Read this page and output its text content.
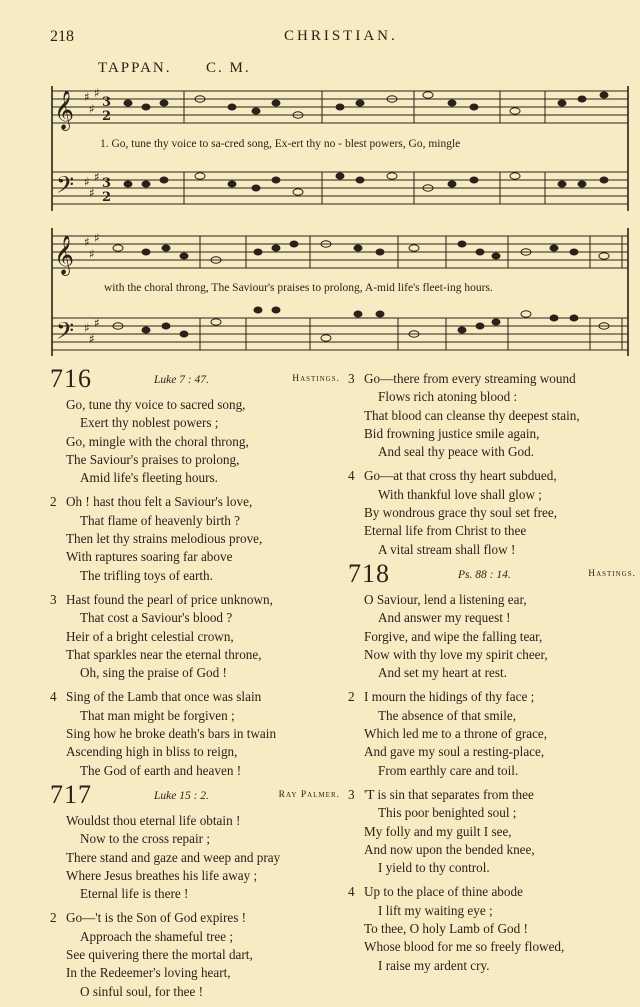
218	CHRISTIAN.
TAPPAN. C. M.
𝄞
𝄢
♯
♯
♯
♯
♯
♯
3
2
3
2
𝄞
𝄢
♯
♯
♯
♯
♯
♯
1. Go, tune thy voice to sa-cred song, Ex-ert thy no - blest powers, Go, mingle
with the choral throng, The Saviour's praises to prolong, A-mid life's fleet-ing hours.
716	Luke 7 : 47.	Hastings.
Go, tune thy voice to sacred song,
Exert thy noblest powers ;
Go, mingle with the choral throng,
The Saviour's praises to prolong,
Amid life's fleeting hours.
2 Oh ! hast thou felt a Saviour's love,
That flame of heavenly birth ?
Then let thy strains melodious prove,
With raptures soaring far above
The trifling toys of earth.
3 Hast found the pearl of price unknown,
That cost a Saviour's blood ?
Heir of a bright celestial crown,
That sparkles near the eternal throne,
Oh, sing the praise of God !
4 Sing of the Lamb that once was slain
That man might be forgiven ;
Sing how he broke death's bars in twain
Ascending high in bliss to reign,
The God of earth and heaven !
717	Luke 15 : 2.	Ray Palmer.
Wouldst thou eternal life obtain !
Now to the cross repair ;
There stand and gaze and weep and pray
Where Jesus breathes his life away ;
Eternal life is there !
2 Go—'t is the Son of God expires !
Approach the shameful tree ;
See quivering there the mortal dart,
In the Redeemer's loving heart,
O sinful soul, for thee !
3 Go—there from every streaming wound
Flows rich atoning blood :
That blood can cleanse thy deepest stain,
Bid frowning justice smile again,
And seal thy peace with God.
4 Go—at that cross thy heart subdued,
With thankful love shall glow ;
By wondrous grace thy soul set free,
Eternal life from Christ to thee
A vital stream shall flow !
718	Ps. 88 : 14.	Hastings.
O Saviour, lend a listening ear,
And answer my request !
Forgive, and wipe the falling tear,
Now with thy love my spirit cheer,
And set my heart at rest.
2 I mourn the hidings of thy face ;
The absence of that smile,
Which led me to a throne of grace,
And gave my soul a resting-place,
From earthly care and toil.
3 'T is sin that separates from thee
This poor benighted soul ;
My folly and my guilt I see,
And now upon the bended knee,
I yield to thy control.
4 Up to the place of thine abode
I lift my waiting eye ;
To thee, O holy Lamb of God !
Whose blood for me so freely flowed,
I raise my ardent cry.
